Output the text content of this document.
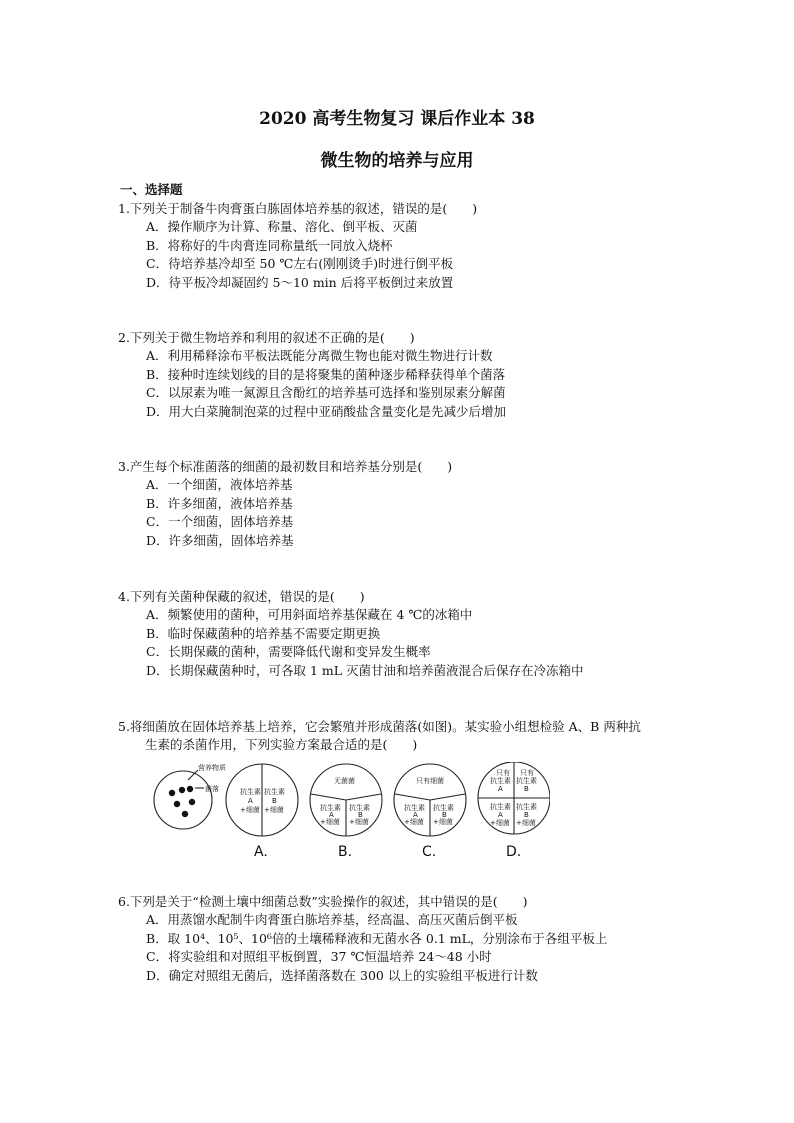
2020 高考生物复习 课后作业本 38
微生物的培养与应用
一、选择题
1.下列关于制备牛肉膏蛋白胨固体培养基的叙述，错误的是(　　)
A．操作顺序为计算、称量、溶化、倒平板、灭菌
B．将称好的牛肉膏连同称量纸一同放入烧杯
C．待培养基冷却至 50 ℃左右(刚刚烫手)时进行倒平板
D．待平板冷却凝固约 5～10 min 后将平板倒过来放置
2.下列关于微生物培养和利用的叙述不正确的是(　　)
A．利用稀释涂布平板法既能分离微生物也能对微生物进行计数
B．接种时连续划线的目的是将聚集的菌种逐步稀释获得单个菌落
C．以尿素为唯一氮源且含酚红的培养基可选择和鉴别尿素分解菌
D．用大白菜腌制泡菜的过程中亚硝酸盐含量变化是先减少后增加
3.产生每个标准菌落的细菌的最初数目和培养基分别是(　　)
A．一个细菌，液体培养基
B．许多细菌，液体培养基
C．一个细菌，固体培养基
D．许多细菌，固体培养基
4.下列有关菌种保藏的叙述，错误的是(　　)
A．频繁使用的菌种，可用斜面培养基保藏在 4 ℃的冰箱中
B．临时保藏菌种的培养基不需要定期更换
C．长期保藏的菌种，需要降低代谢和变异发生概率
D．长期保藏菌种时，可各取 1 mL 灭菌甘油和培养菌液混合后保存在冷冻箱中
5.将细菌放在固体培养基上培养，它会繁殖并形成菌落(如图)。某实验小组想检验 A、B 两种抗
生素的杀菌作用，下列实验方案最合适的是(　　)
营养物质
菌落	抗生素
A
+细菌
抗生素
B
+细菌
无菌菌
抗生素
A
+细菌
抗生素
B
+细菌
只有细菌
抗生素
A
+细菌
抗生素
B
+细菌
只有
抗生素
A
只有
抗生素
B
抗生素
A
+细菌
抗生素
B
+细菌
A.	B.	C.	D.
6.下列是关于“检测土壤中细菌总数”实验操作的叙述，其中错误的是(　　)
A．用蒸馏水配制牛肉膏蛋白胨培养基，经高温、高压灭菌后倒平板
B．取 10⁴、10⁵、10⁶倍的土壤稀释液和无菌水各 0.1 mL，分别涂布于各组平板上
C．将实验组和对照组平板倒置，37 ℃恒温培养 24～48 小时
D．确定对照组无菌后，选择菌落数在 300 以上的实验组平板进行计数
